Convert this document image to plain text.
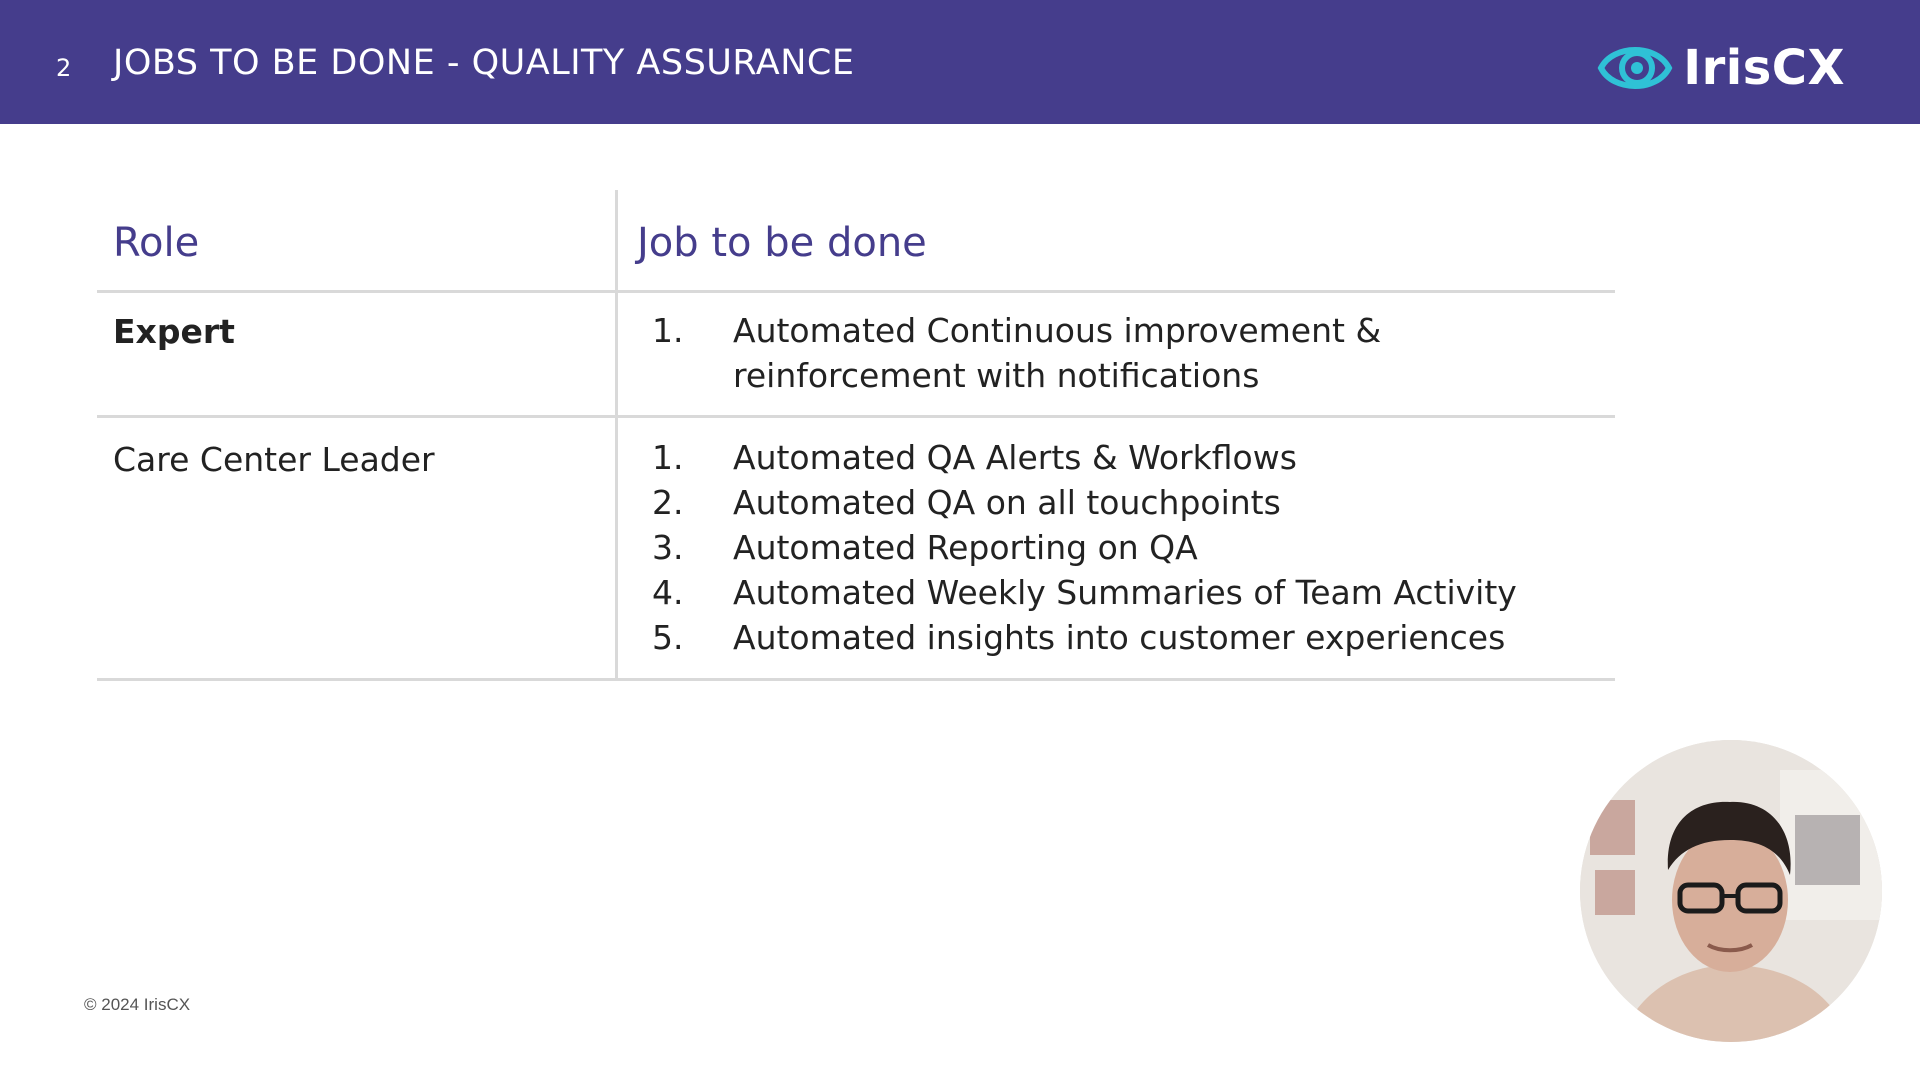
2 JOBS TO BE DONE - QUALITY ASSURANCE	IrisCX
Role	Job to be done
Expert	1.	Automated Continuous improvement & reinforcement with notifications
Care Center Leader	1.	Automated QA Alerts & Workflows
2.	Automated QA on all touchpoints
3.	Automated Reporting on QA
4.	Automated Weekly Summaries of Team Activity
5.	Automated insights into customer experiences
© 2024 IrisCX
